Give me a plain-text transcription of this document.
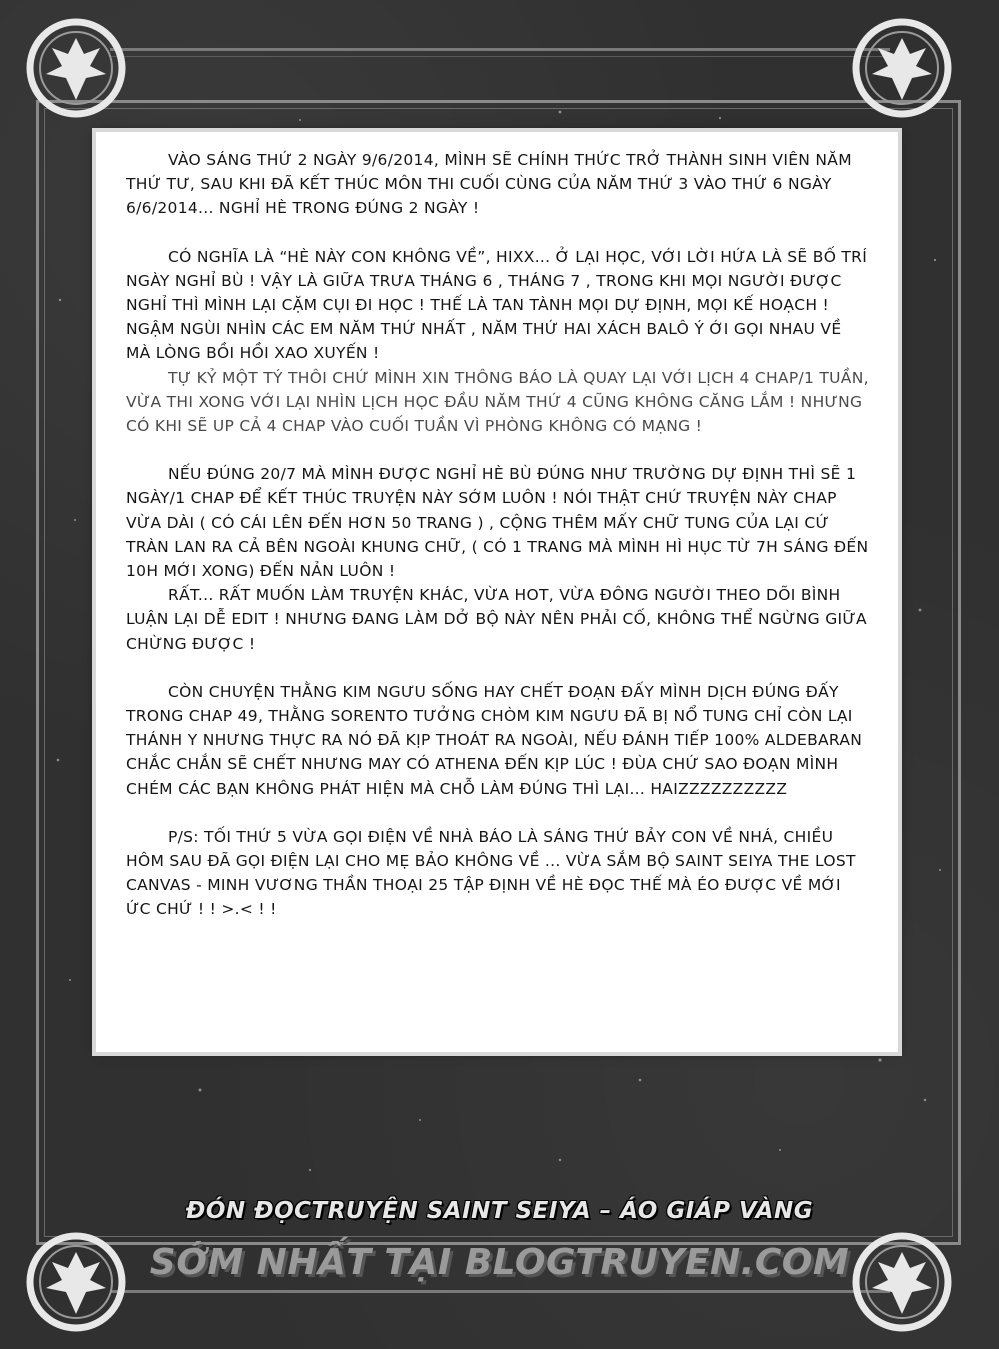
VÀO SÁNG THỨ 2 NGÀY 9/6/2014, MÌNH SẼ CHÍNH THỨC TRỞ THÀNH SINH VIÊN NĂM THỨ TƯ, SAU KHI ĐÃ KẾT THÚC MÔN THI CUỐI CÙNG CỦA NĂM THỨ 3 VÀO THỨ 6 NGÀY 6/6/2014... NGHỈ HÈ TRONG ĐÚNG 2 NGÀY !

CÓ NGHĨA LÀ “HÈ NÀY CON KHÔNG VỀ”, HIXX... Ở LẠI HỌC, VỚI LỜI HỨA LÀ SẼ BỐ TRÍ NGÀY NGHỈ BÙ ! VẬY LÀ GIỮA TRƯA THÁNG 6 , THÁNG 7 , TRONG KHI MỌI NGƯỜI ĐƯỢC NGHỈ THÌ MÌNH LẠI CẶM CỤI ĐI HỌC ! THẾ LÀ TAN TÀNH MỌI DỰ ĐỊNH, MỌI KẾ HOẠCH ! NGẬM NGÙI NHÌN CÁC EM NĂM THỨ NHẤT , NĂM THỨ HAI XÁCH BALÔ Ý ỚI GỌI NHAU VỀ MÀ LÒNG BỒI HỒI XAO XUYẾN !

TỰ KỶ MỘT TÝ THÔI CHỨ MÌNH XIN THÔNG BÁO LÀ QUAY LẠI VỚI LỊCH 4 CHAP/1 TUẦN, VỪA THI XONG VỚI LẠI NHÌN LỊCH HỌC ĐẦU NĂM THỨ 4 CŨNG KHÔNG CĂNG LẮM ! NHƯNG CÓ KHI SẼ UP CẢ 4 CHAP VÀO CUỐI TUẦN VÌ PHÒNG KHÔNG CÓ MẠNG !

NẾU ĐÚNG 20/7 MÀ MÌNH ĐƯỢC NGHỈ HÈ BÙ ĐÚNG NHƯ TRƯỜNG DỰ ĐỊNH THÌ SẼ 1 NGÀY/1 CHAP ĐỂ KẾT THÚC TRUYỆN NÀY SỚM LUÔN ! NÓI THẬT CHỨ TRUYỆN NÀY CHAP VỪA DÀI ( CÓ CÁI LÊN ĐẾN HƠN 50 TRANG ) , CỘNG THÊM MẤY CHỮ TUNG CỦA LẠI CỨ TRÀN LAN RA CẢ BÊN NGOÀI KHUNG CHỮ, ( CÓ 1 TRANG MÀ MÌNH HÌ HỤC TỪ 7H SÁNG ĐẾN 10H MỚI XONG) ĐẾN NẢN LUÔN !

RẤT... RẤT MUỐN LÀM TRUYỆN KHÁC, VỪA HOT, VỪA ĐÔNG NGƯỜI THEO DÕI BÌNH LUẬN LẠI DỄ EDIT ! NHƯNG ĐANG LÀM DỞ BỘ NÀY NÊN PHẢI CỐ, KHÔNG THỂ NGỪNG GIỮA CHỪNG ĐƯỢC !

CÒN CHUYỆN THẰNG KIM NGƯU SỐNG HAY CHẾT ĐOẠN ĐẤY MÌNH DỊCH ĐÚNG ĐẤY TRONG CHAP 49, THẰNG SORENTO TƯỞNG CHÒM KIM NGƯU ĐÃ BỊ NỔ TUNG CHỈ CÒN LẠI THÁNH Y NHƯNG THỰC RA NÓ ĐÃ KỊP THOÁT RA NGOÀI, NẾU ĐÁNH TIẾP 100% ALDEBARAN CHẮC CHẮN SẼ CHẾT NHƯNG MAY CÓ ATHENA ĐẾN KỊP LÚC ! ĐÙA CHỨ SAO ĐOẠN MÌNH CHÉM CÁC BẠN KHÔNG PHÁT HIỆN MÀ CHỖ LÀM ĐÚNG THÌ LẠI... HAIZZZZZZZZZZ

P/S: TỐI THỨ 5 VỪA GỌI ĐIỆN VỀ NHÀ BÁO LÀ SÁNG THỨ BẢY CON VỀ NHÁ, CHIỀU HÔM SAU ĐÃ GỌI ĐIỆN LẠI CHO MẸ BẢO KHÔNG VỀ ... VỪA SẮM BỘ SAINT SEIYA THE LOST CANVAS - MINH VƯƠNG THẦN THOẠI 25 TẬP ĐỊNH VỀ HÈ ĐỌC THẾ MÀ ÉO ĐƯỢC VỀ MỚI ỨC CHỨ ! ! >.< ! !

ĐÓN ĐỌCTRUYỆN SAINT SEIYA – ÁO GIÁP VÀNG
SỚM NHẤT TẠI BLOGTRUYEN.COM
